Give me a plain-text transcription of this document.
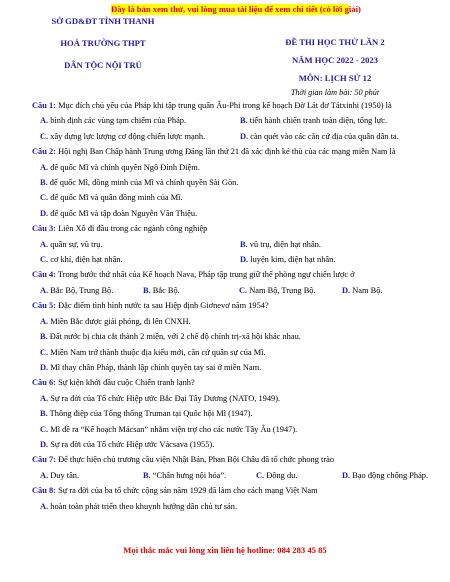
Đây là bản xem thử, vui lòng mua tài liệu để xem chi tiết (có lời giải)
SỞ GD&ĐT TỈNH THANH
HOÁ TRƯỜNG THPT
DÂN TỘC NỘI TRÚ
ĐỀ THI HỌC THỬ LẦN 2
NĂM HỌC 2022 - 2023
MÔN: LỊCH SỬ 12
Thời gian làm bài: 50 phút

Câu 1: Mục đích chủ yếu của Pháp khi tập trung quân Âu-Phi trong kế hoạch Đờ Lát đơ Tátxinhi (1950) là

A. bình định các vùng tạm chiếm của Pháp.	B. tiến hành chiến tranh toàn diện, tổng lực.
C. xây dựng lực lượng cơ động chiến lược mạnh.	D. càn quét vào các căn cứ địa của quân dân ta.

Câu 2: Hội nghị Ban Chấp hành Trung ương Đảng lần thứ 21 đã xác định kẻ thù của các mạng miền Nam là

A. đế quốc Mĩ và chính quyền Ngô Đình Diệm.

B. đế quốc Mĩ, đồng minh của Mĩ và chính quyền Sài Gòn.

C. đế quốc Mĩ và quân đồng minh của Mĩ.

D. đế quốc Mĩ và tập đoàn Nguyễn Văn Thiệu.

Câu 3: Liên Xô đi đầu trong các ngành công nghiệp

A. quân sự, vũ trụ.	B. vũ trụ, điện hạt nhân.
C. cơ khí, điện hạt nhân.	D. luyện kim, điện hạt nhân.

Câu 4: Trong bước thứ nhất của Kế hoạch Nava, Pháp tập trung giữ thế phòng ngự chiến lược ở

A. Bắc Bộ, Trung Bộ.	B. Bắc Bộ.	C. Nam Bộ, Trung Bộ.	D. Nam Bộ.

Câu 5: Đặc điểm tình hình nước ta sau Hiệp định Giơnevơ năm 1954?

A. Miền Bắc được giải phóng, đi lên CNXH.

B. Đất nước bị chia cắt thành 2 miền, với 2 chế độ chính trị-xã hội khác nhau.

C. Miền Nam trở thành thuộc địa kiểu mới, căn cứ quân sự của Mĩ.

D. Mĩ thay chân Pháp, thành lập chính quyền tay sai ở miền Nam.

Câu 6: Sự kiện khởi đầu cuộc Chiến tranh lạnh?

A. Sự ra đời của Tổ chức Hiệp ước Bắc Đại Tây Dương (NATO, 1949).

B. Thông điệp của Tổng thống Truman tại Quốc hội Mĩ (1947).

C. Mĩ đề ra “Kế hoạch Mácsan” nhằm viện trợ cho các nước Tây Âu (1947).

D. Sự ra đời của Tổ chức Hiệp ước Vácsava (1955).

Câu 7: Để thực hiện chủ trương cầu viện Nhật Bản, Phan Bội Châu đã tổ chức phong trào

A. Duy tân.	B. “Chấn hưng nội hóa”.	C. Đông du.	D. Bạo động chống Pháp.

Câu 8: Sự ra đời của ba tổ chức cộng sản năm 1929 đã làm cho cách mạng Việt Nam

A. hoàn toàn phát triển theo khuynh hướng dân chủ tư sản.

Mọi thắc mắc vui lòng xin liên hệ hotline: 084 283 45 85
